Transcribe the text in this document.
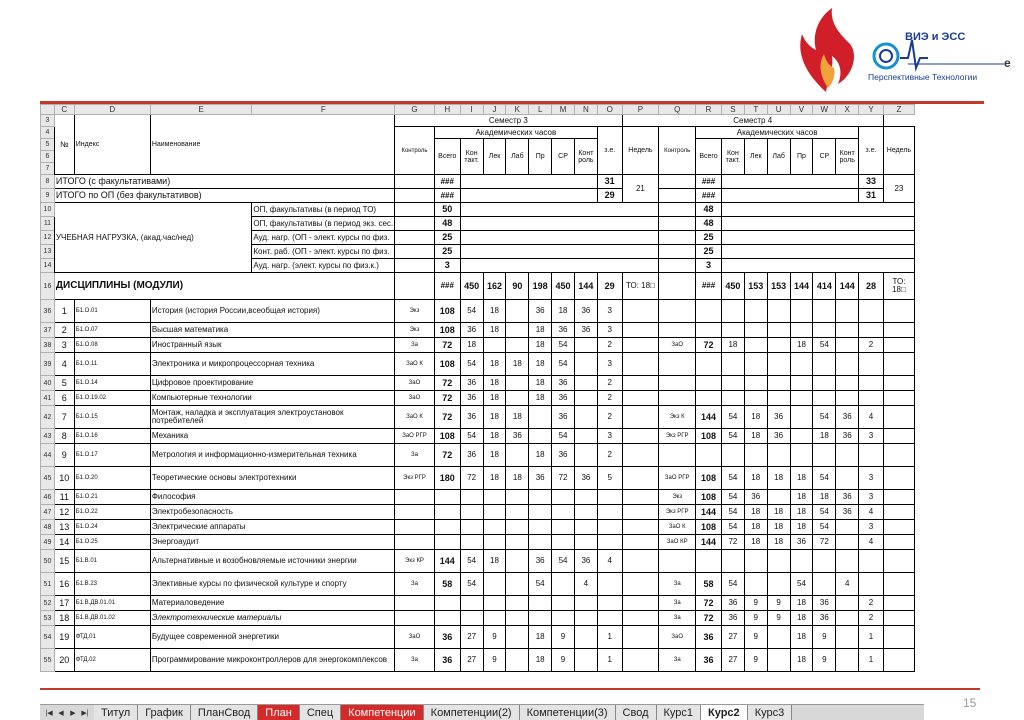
ВИЭ и ЭСС
Перспективные Технологии
е
	C	D	E	F	G	H	I	J	K	L	M	N	O	P	Q	R	S	T	U	V	W	X	Y	Z
3	№	Индекс	Наименование		Семестр 3									Семестр 4										
4					Контроль	Академических часов							з.е.	Недель	Контроль	Академических часов							з.е.	Недель
5						Всего	Кон такт.	Лек	Лаб	Пр	СР	Конт роль				Всего	Кон такт.	Лек	Лаб	Пр	СР	Конт роль		
6																								
7																								
8	ИТОГО (с факультативами)					###							31	21		###							33	23
9	ИТОГО по ОП (без факультативов)					###							29			###							31	
10	УЧЕБНАЯ НАГРУЗКА, (акад.час/нед)			ОП, факультативы (в период ТО)		50										48								
11				ОП, факультативы (в период экз. сес.		48										48								
12				Ауд. нагр. (ОП - элект. курсы по физ.		25										25								
13				Конт. раб. (ОП - элект. курсы по физ.		25										25								
14				Ауд. нагр. (элект. курсы по физ.к.)		3										3								
16	ДИСЦИПЛИНЫ (МОДУЛИ)					###	450	162	90	198	450	144	29	ТО: 18□		###	450	153	153	144	414	144	28	ТО: 18□
36	1	Б1.О.01	История (история России,всеобщая история)		Экз	108	54	18		36	18	36	3											
37	2	Б1.О.07	Высшая математика		Экз	108	36	18		18	36	36	3											
38	3	Б1.О.08	Иностранный язык		За	72	18			18	54		2		ЗаО	72	18			18	54		2	
39	4	Б1.О.11	Электроника и микропроцессорная техника		ЗаО К	108	54	18	18	18	54		3											
40	5	Б1.О.14	Цифровое проектирование		ЗаО	72	36	18		18	36		2											
41	6	Б1.О.19.02	Компьютерные технологии		ЗаО	72	36	18		18	36		2											
42	7	Б1.О.15	Монтаж, наладка и эксплуатация электроустановок потребителей		ЗаО К	72	36	18	18		36		2		Экз К	144	54	18	36		54	36	4	
43	8	Б1.О.16	Механика		ЗаО РГР	108	54	18	36		54		3		Экз РГР	108	54	18	36		18	36	3	
44	9	Б1.О.17	Метрология и информационно-измерительная техника		За	72	36	18		18	36		2											
45	10	Б1.О.20	Теоретические основы электротехники		Экз РГР	180	72	18	18	36	72	36	5		ЗаО РГР	108	54	18	18	18	54		3	
46	11	Б1.О.21	Философия												Экз	108	54	36		18	18	36	3	
47	12	Б1.О.22	Электробезопасность												Экз РГР	144	54	18	18	18	54	36	4	
48	13	Б1.О.24	Электрические аппараты												ЗаО К	108	54	18	18	18	54		3	
49	14	Б1.О.25	Энергоаудит												ЗаО КР	144	72	18	18	36	72		4	
50	15	Б1.В.01	Альтернативные и возобновляемые источники энергии		Экз КР	144	54	18		36	54	36	4											
51	16	Б1.В.23	Элективные курсы по физической культуре и спорту		За	58	54			54		4			За	58	54			54		4		
52	17	Б1.В.ДВ.01.01	Материаловедение												За	72	36	9	9	18	36		2	
53	18	Б1.В.ДВ.01.02	Электротехнические материалы												За	72	36	9	9	18	36		2	
54	19	ФТД.01	Будущее современной энергетики		ЗаО	36	27	9		18	9		1		ЗаО	36	27	9		18	9		1	
55	20	ФТД.02	Программирование микроконтроллеров для энергокомплексов		За	36	27	9		18	9		1		За	36	27	9		18	9		1	
15
|◀ ◀ ▶ ▶|	Титул	График	ПланСвод	План	Спец	Компетенции	Компетенции(2)	Компетенции(3)	Свод	Курс1	Курс2	Курс3
